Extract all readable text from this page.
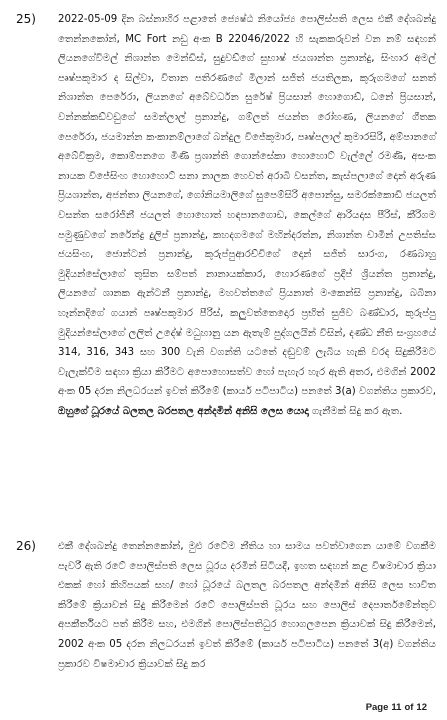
25)	2022-05-09 දින බස්නාහිර පළාතේ ජ්‍යෙෂ්ඨ නියෝජ්‍ය පොලිස්පති ලෙස එකී දේශබන්දු තෙන්නකෝන්, MC Fort නඩු අංක B 22046/2022 හි සැකකරුවන් වන නම් සඳහන් ලියනගේවිමල් නිශාන්ත මෙන්ඩිස්, සුදුවඩ්ගේ සුභාෂ් ජයශාන්ත ප්‍රනාන්දු, සිංහාර අමල් ප්‍රුෂ්පකුමාර ද සිල්වා, විතාන පතිරණගේ මිලාන් සජිත් ජයතිලක, කුරුගමගේ සනත් නිශාන්ත පෙරේරා, ලියනගේ අබේවර්ධන සුරේෂ් ප්‍රියසාන් හොගොඩ්, ධනේ ප්‍රියසාන්, වන්නක්කඩ්වඩුගේ සමන්ලාල් ප්‍රනාන්දු, ගම්ලත් ජයන්ත රෝහණ, ලියනගේ ගීතක පෙරේරා, ජයමාන්න කංකානම්ලාගේ බන්දුල විජේකුමාර, ප්‍රුෂ්පලාල් කුමාරසිරි, අම්පානගේ අබේවික්‍රම, කොම්පනගෙ මිණි ප්‍රශාන්ති ගොන්සේකා හොහොට් වැල්ලේ රමණි, අසංක නායක විජේසිංහ හොහොට් සනා නාලක හෙවත් අරාබි වසන්ත, කැස්පලාගේ දොන් අරුණ ප්‍රියශාන්ත, අජන්තා ලියනගේ, ගෝනියමාලිගේ සුපෙම්සිරි අපොන්සු, සමරක්කොඩි ජයලත් වසන්ත සරෝජිනී ජයලත් හොහොත් හඳපානගොඩ, කෙල්ගේ ආරියදාස පීරිස්, කීරිගම පමුණුවගේ නරේන්ද්‍ර දුලිප් ප්‍රනාන්දු, කහදගමගේ මහින්දරත්න, නිශාන්ත චාමින් උපතිස්ස ජයසිංහ, ජොන්ටන් ප්‍රනාන්දු, කුරුප්පුආරච්චිගේ දොන් සජිත් සාරංග, රණබාහු මුදියන්සේලාගේ තුසිත සම්පත් නානායක්කාර, හොරණගේ ප්‍රදීප් ශ්‍රියන්ත ප්‍රනාන්දු, ලියනගේ ශානක ඇන්ටනී ප්‍රනාන්දු, මහවත්තගේ ප්‍රියනාත් මංකෙන්සි ප්‍රනාන්දු, බබිනා හෑන්නදිගේ ගයාන් ප්‍රුෂ්පකුමාර පීරිස්, කලුවත්තෙදොර ප්‍රභිත් සුජිව බණ්ඩාර, කුරුප්පු මුදියන්සේලාගේ ලලිත් උදේෂ් මධුහානු යන ඇතැම් පුද්ගලයින් විසින්, දණ්ඩ නීති සංග්‍රහයේ 314, 316, 343 සහ 300 වැනි වගන්ති යටතේ දඬුවම් ලැබිය හැකි වරද සිදුකිරීමට වැලැක්වීම සඳහා ක්‍රියා කිරීමට අපොහොසත්ව හෝ පැහැර හැර ඇති අතර, එමගින් 2002 අංක 05 දරන නිලධරයන් ඉවත් කිරීමේ (කාර්ය පටිපාටිය) පනතේ 3(a) වගන්තිය ප්‍රකාරව, ඔහුගේ ධූරයේ බලතල බරපතල අන්දමින් අනිසි ලෙස යොදා ගැනීමක් සිදු කර ඇත.
26)	එකී දේශබන්දු තෙන්නකෝන්, මුළු රටේම නීතිය හා සාමය පවත්වාගෙන යාමේ වගකීම පැවරී ඇති රටේ පොලිස්පති ලෙස ධූරය දරමින් සිටියදී, ඉහත සඳහන් කළ විෂමාචාර ක්‍රියා එකක් හෝ කිහිපයක් සහ/ හෝ ධූරයේ බලතල බරපතල අන්දමින් අනිසි ලෙස භාවිත කිරීමේ ක්‍රියාවන් සිදු කිරීමෙන් රටේ පොලිස්පති ධූරය සහ පොලිස් දෙපාර්තමේන්තුව අපකීර්තියට පත් කිරීම සහ, එමගින් පොලිස්පතිධුර හොගලපෙන ක්‍රියාවක් සිදු කිරීමෙන්, 2002 අංක 05 දරන නිලධරයන් ඉවත් කිරීමේ (කාර්ය පටිපාටිය) පනතේ 3(අ) වගන්තිය ප්‍රකාරව විෂමාචාර ක්‍රියාවක් සිදු කර
Page 11 of 12
